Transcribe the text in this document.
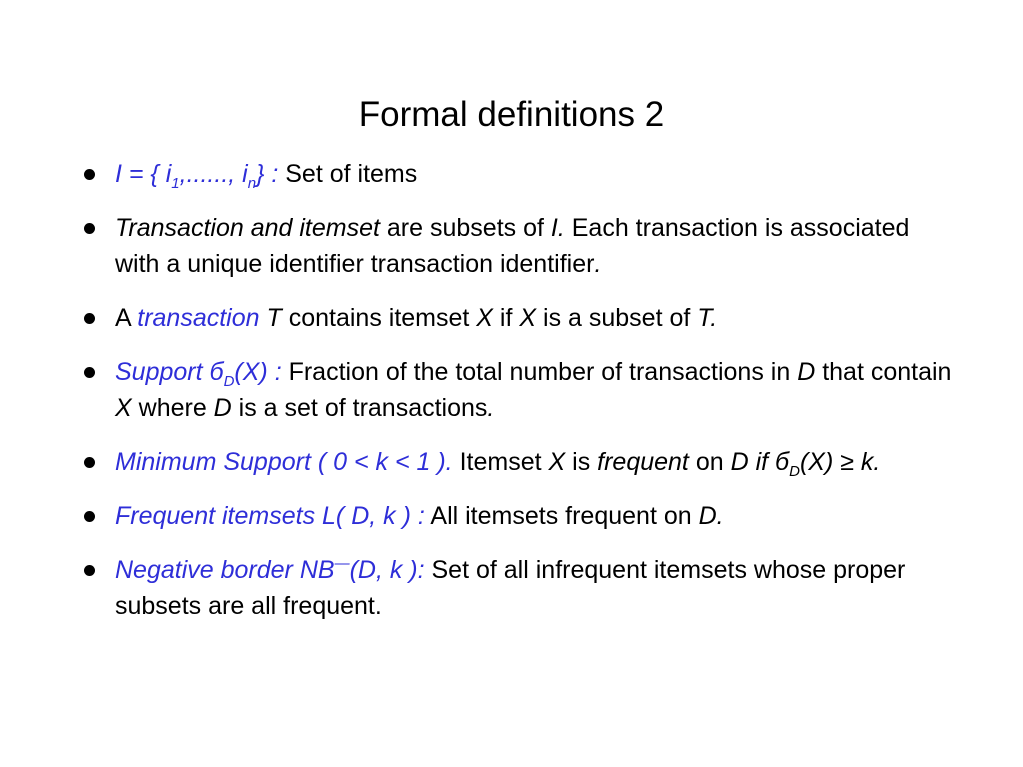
Formal definitions 2
I = { $i_1$,......, $i_n$} : Set of items
Transaction and itemset are subsets of I. Each transaction is associated with a unique identifier transaction identifier.
A transaction T contains itemset X if X is a subset of T.
Support $б_D(X)$ : Fraction of the total number of transactions in D that contain X where D is a set of transactions.
Minimum Support ( 0 < k < 1 ). Itemset X is frequent on D if $б_D(X) \ge k$.
Frequent itemsets L( D, k ) : All itemsets frequent on D.
Negative border NB—(D, k ): Set of all infrequent itemsets whose proper subsets are all frequent.
